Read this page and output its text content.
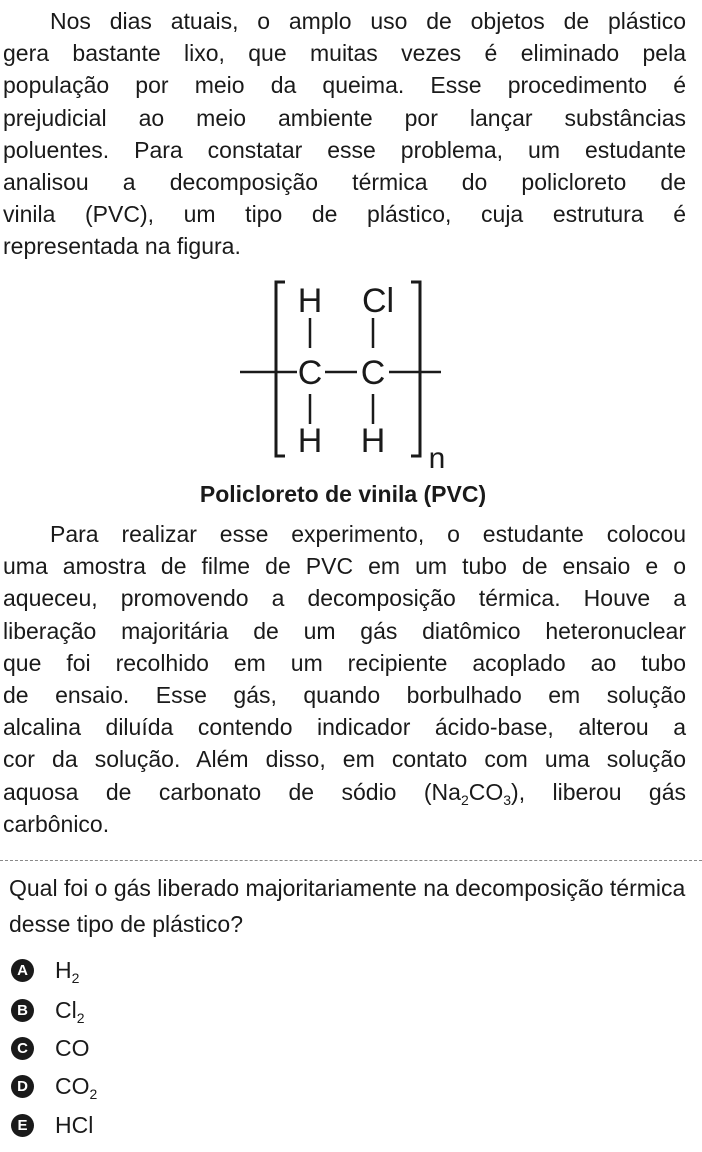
Nos dias atuais, o amplo uso de objetos de plástico
gera bastante lixo, que muitas vezes é eliminado pela
população por meio da queima. Esse procedimento é
prejudicial ao meio ambiente por lançar substâncias
poluentes. Para constatar esse problema, um estudante
analisou a decomposição térmica do policloreto de
vinila (PVC), um tipo de plástico, cuja estrutura é
representada na figura.
H Cl
C C
H H n
Policloreto de vinila (PVC)
Para realizar esse experimento, o estudante colocou
uma amostra de filme de PVC em um tubo de ensaio e o
aqueceu, promovendo a decomposição térmica. Houve a
liberação majoritária de um gás diatômico heteronuclear
que foi recolhido em um recipiente acoplado ao tubo
de ensaio. Esse gás, quando borbulhado em solução
alcalina diluída contendo indicador ácido-base, alterou a
cor da solução. Além disso, em contato com uma solução
aquosa de carbonato de sódio $(Na_2CO_3)$, liberou gás
carbônico.
Qual foi o gás liberado majoritariamente na decomposição térmica desse tipo de plástico?
A $H_2$
B $Cl_2$
C CO
D $CO_2$
E HCl
